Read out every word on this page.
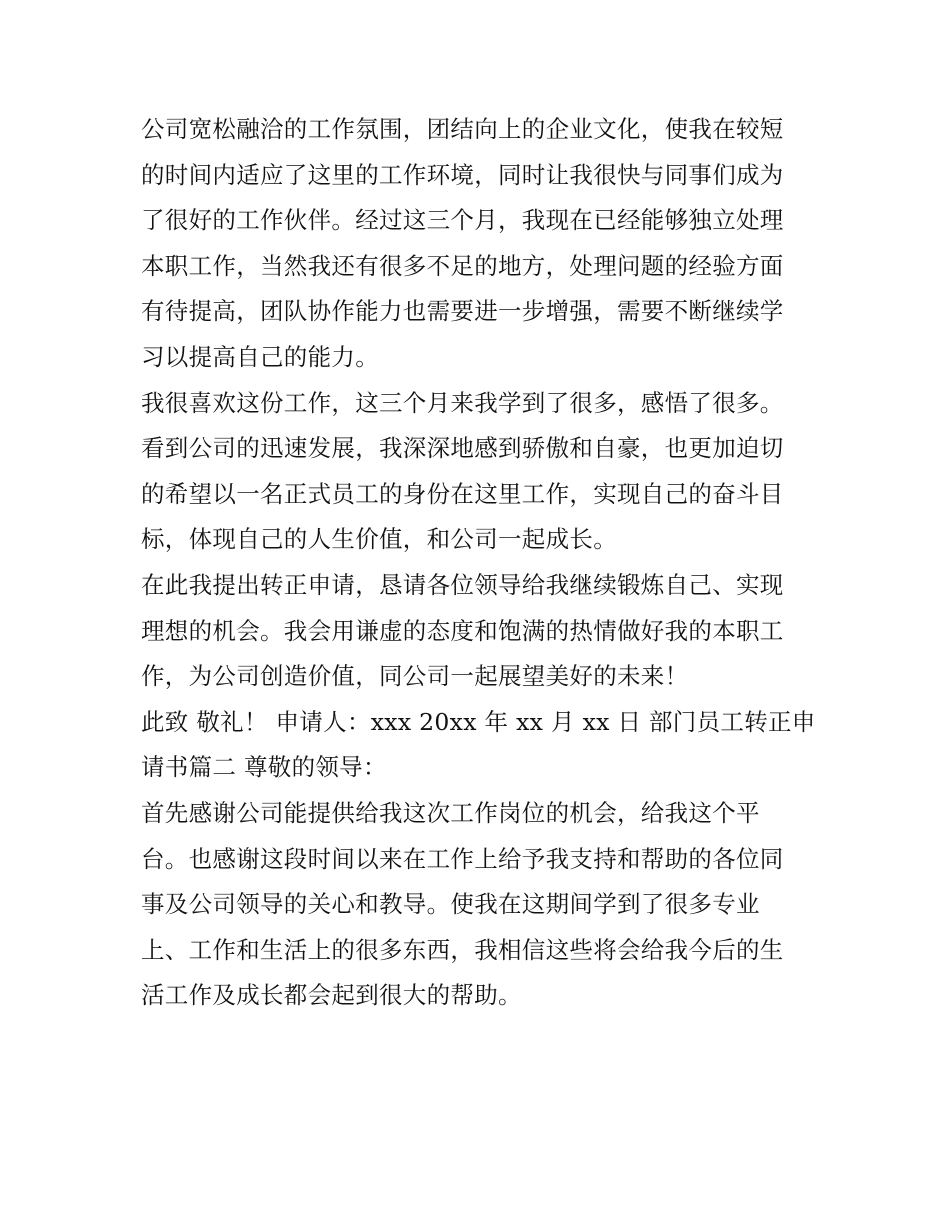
公司宽松融洽的工作氛围，团结向上的企业文化，使我在较短
的时间内适应了这里的工作环境，同时让我很快与同事们成为
了很好的工作伙伴。经过这三个月，我现在已经能够独立处理
本职工作，当然我还有很多不足的地方，处理问题的经验方面
有待提高，团队协作能力也需要进一步增强，需要不断继续学
习以提高自己的能力。

我很喜欢这份工作，这三个月来我学到了很多，感悟了很多。
看到公司的迅速发展，我深深地感到骄傲和自豪，也更加迫切
的希望以一名正式员工的身份在这里工作，实现自己的奋斗目
标，体现自己的人生价值，和公司一起成长。

在此我提出转正申请，恳请各位领导给我继续锻炼自己、实现
理想的机会。我会用谦虚的态度和饱满的热情做好我的本职工
作，为公司创造价值，同公司一起展望美好的未来！

此致 敬礼！ 申请人：xxx 20xx 年 xx 月 xx 日 部门员工转正申
请书篇二 尊敬的领导：

首先感谢公司能提供给我这次工作岗位的机会，给我这个平
台。也感谢这段时间以来在工作上给予我支持和帮助的各位同
事及公司领导的关心和教导。使我在这期间学到了很多专业
上、工作和生活上的很多东西，我相信这些将会给我今后的生
活工作及成长都会起到很大的帮助。
